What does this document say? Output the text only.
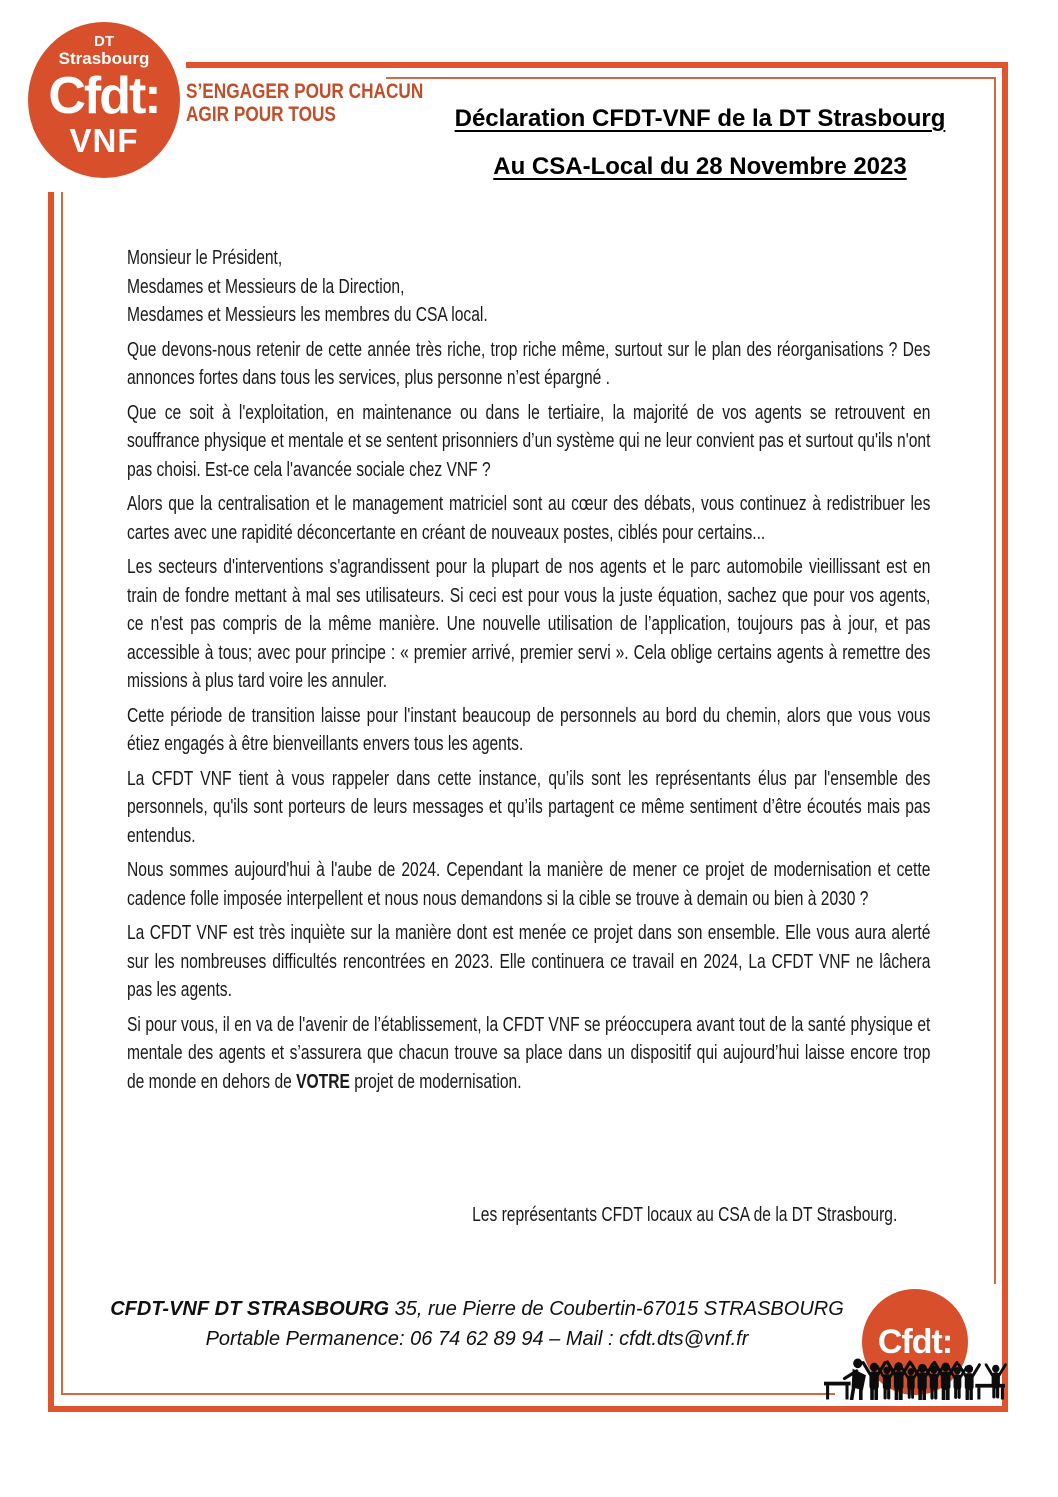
DT
Strasbourg
Cfdt:
VNF
S’ENGAGER POUR CHACUN
AGIR POUR TOUS	Déclaration CFDT-VNF de la DT Strasbourg
Au CSA-Local du 28 Novembre 2023
Monsieur le Président,
Mesdames et Messieurs de la Direction,
Mesdames et Messieurs les membres du CSA local.

Que devons-nous retenir de cette année très riche, trop riche même, surtout sur le plan des réorganisations ? Des annonces fortes dans tous les services, plus personne n’est épargné .

Que ce soit à l'exploitation, en maintenance ou dans le tertiaire, la majorité de vos agents se retrouvent en souffrance physique et mentale et se sentent prisonniers d’un système qui ne leur convient pas et surtout qu'ils n'ont pas choisi. Est-ce cela l'avancée sociale chez VNF ?

Alors que la centralisation et le management matriciel sont au cœur des débats, vous continuez à redistribuer les cartes avec une rapidité déconcertante en créant de nouveaux postes, ciblés pour certains...

Les secteurs d'interventions s'agrandissent pour la plupart de nos agents et le parc automobile vieillissant est en train de fondre mettant à mal ses utilisateurs. Si ceci est pour vous la juste équation, sachez que pour vos agents, ce n'est pas compris de la même manière. Une nouvelle utilisation de l’application, toujours pas à jour, et pas accessible à tous; avec pour principe : « premier arrivé, premier servi ». Cela oblige certains agents à remettre des missions à plus tard voire les annuler.

Cette période de transition laisse pour l'instant beaucoup de personnels au bord du chemin, alors que vous vous étiez engagés à être bienveillants envers tous les agents.

La CFDT VNF tient à vous rappeler dans cette instance, qu’ils sont les représentants élus par l'ensemble des personnels, qu'ils sont porteurs de leurs messages et qu’ils partagent ce même sentiment d’être écoutés mais pas entendus.

Nous sommes aujourd'hui à l'aube de 2024. Cependant la manière de mener ce projet de modernisation et cette cadence folle imposée interpellent et nous nous demandons si la cible se trouve à demain ou bien à 2030 ?

La CFDT VNF est très inquiète sur la manière dont est menée ce projet dans son ensemble. Elle vous aura alerté sur les nombreuses difficultés rencontrées en 2023. Elle continuera ce travail en 2024, La CFDT VNF ne lâchera pas les agents.

Si pour vous, il en va de l'avenir de l’établissement, la CFDT VNF se préoccupera avant tout de la santé physique et mentale des agents et s’assurera que chacun trouve sa place dans un dispositif qui aujourd’hui laisse encore trop de monde en dehors de VOTRE projet de modernisation.

Les représentants CFDT locaux au CSA de la DT Strasbourg.
CFDT-VNF DT STRASBOURG 35, rue Pierre de Coubertin-67015 STRASBOURG
Portable Permanence: 06 74 62 89 94 – Mail : cfdt.dts@vnf.fr	Cfdt:
